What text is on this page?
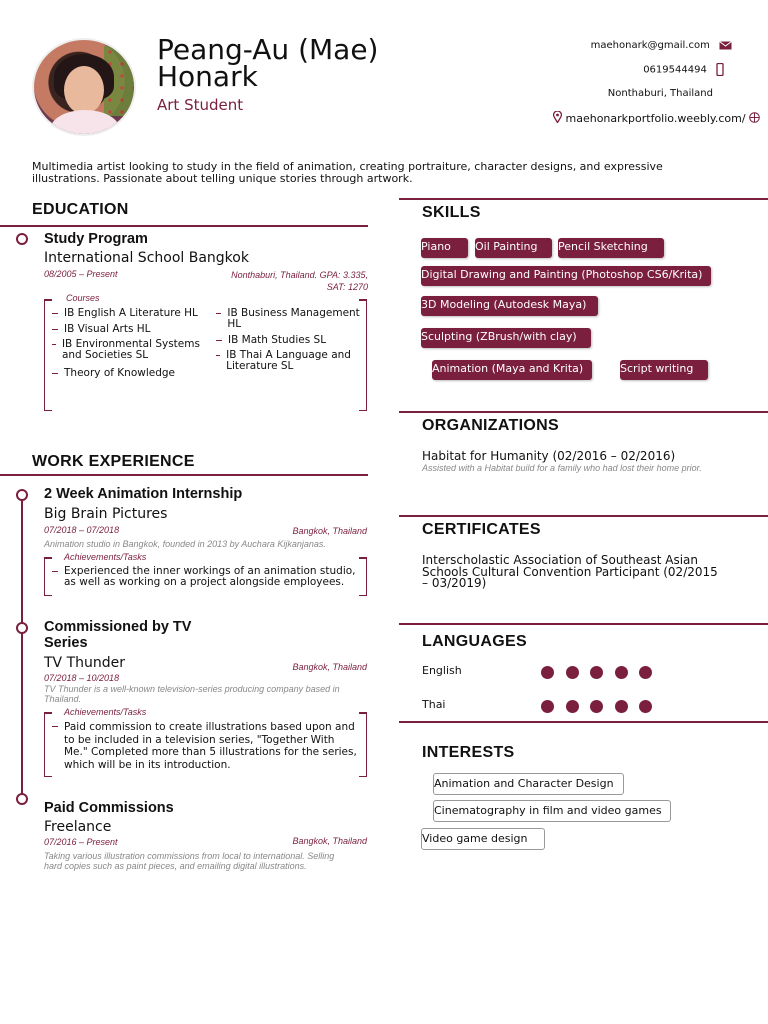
Peang-Au (Mae) Honark
Art Student
maehonark@gmail.com
0619544494
Nonthaburi, Thailand
maehonarkportfolio.weebly.com/
Multimedia artist looking to study in the field of animation, creating portraiture, character designs, and expressive illustrations. Passionate about telling unique stories through artwork.
EDUCATION
Study Program
International School Bangkok
08/2005 – Present	Nonthaburi, Thailand. GPA: 3.335, SAT: 1270
Courses
IB English A Literature HL
IB Visual Arts HL
IB Environmental Systems and Societies SL
Theory of Knowledge
IB Business Management HL
IB Math Studies SL
IB Thai A Language and Literature SL
WORK EXPERIENCE
2 Week Animation Internship
Big Brain Pictures
07/2018 – 07/2018	Bangkok, Thailand
Animation studio in Bangkok, founded in 2013 by Auchara Kijkanjanas.
Achievements/Tasks
Experienced the inner workings of an animation studio, as well as working on a project alongside employees.
Commissioned by TV Series
TV Thunder	Bangkok, Thailand
07/2018 – 10/2018
TV Thunder is a well-known television-series producing company based in Thailand.
Achievements/Tasks
Paid commission to create illustrations based upon and to be included in a television series, "Together With Me." Completed more than 5 illustrations for the series, which will be in its introduction.
Paid Commissions
Freelance
07/2016 – Present	Bangkok, Thailand
Taking various illustration commissions from local to international. Selling hard copies such as paint pieces, and emailing digital illustrations.
SKILLS
Piano	Oil Painting	Pencil Sketching
Digital Drawing and Painting (Photoshop CS6/Krita)
3D Modeling (Autodesk Maya)
Sculpting (ZBrush/with clay)
Animation (Maya and Krita)	Script writing
ORGANIZATIONS
Habitat for Humanity (02/2016 – 02/2016)
Assisted with a Habitat build for a family who had lost their home prior.
CERTIFICATES
Interscholastic Association of Southeast Asian Schools Cultural Convention Participant (02/2015 – 03/2019)
LANGUAGES
English
Thai
INTERESTS
Animation and Character Design
Cinematography in film and video games
Video game design
